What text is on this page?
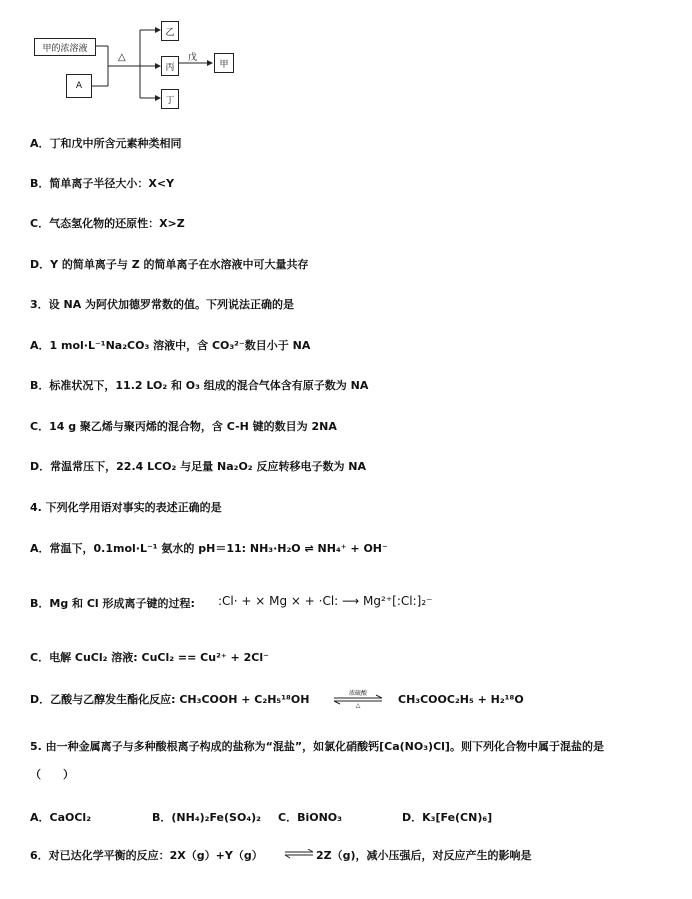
甲的浓溶液
A
△
乙
丙
丁
戊
甲
A．丁和戊中所含元素种类相同
B．简单离子半径大小：X<Y
C．气态氢化物的还原性：X>Z
D．Y 的简单离子与 Z 的简单离子在水溶液中可大量共存
3．设 NA 为阿伏加德罗常数的值。下列说法正确的是
A．1 mol·L⁻¹Na₂CO₃ 溶液中，含 CO₃²⁻数目小于 NA
B．标准状况下，11.2 LO₂ 和 O₃ 组成的混合气体含有原子数为 NA
C．14 g 聚乙烯与聚丙烯的混合物，含 C-H 键的数目为 2NA
D．常温常压下，22.4 LCO₂ 与足量 Na₂O₂ 反应转移电子数为 NA
4. 下列化学用语对事实的表述正确的是
A．常温下，0.1mol·L⁻¹ 氨水的 pH＝11: NH₃·H₂O ⇌ NH₄⁺ + OH⁻
B．Mg 和 Cl 形成离子键的过程: :Cl· + × Mg × + ·Cl: ⟶ Mg²⁺[:Cl:]₂⁻
C．电解 CuCl₂ 溶液: CuCl₂ == Cu²⁺ + 2Cl⁻
D．乙酸与乙醇发生酯化反应: CH₃COOH + C₂H₅¹⁸OH	浓硫酸
△	CH₃COOC₂H₅ + H₂¹⁸O
5. 由一种金属离子与多种酸根离子构成的盐称为“混盐”，如氯化硝酸钙[Ca(NO₃)Cl]。则下列化合物中属于混盐的是
（　　）
A．CaOCl₂	B．(NH₄)₂Fe(SO₄)₂ C．BiONO₃	D．K₃[Fe(CN)₆]
6．对已达化学平衡的反应：2X（g）+Y（g） ⇌ 2Z（g)，减小压强后，对反应产生的影响是
